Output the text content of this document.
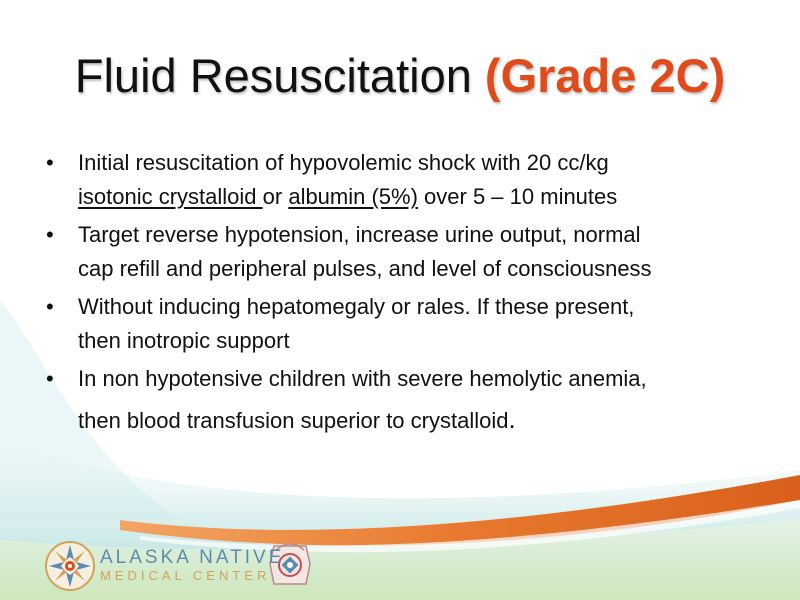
Fluid Resuscitation (Grade 2C)
• Initial resuscitation of hypovolemic shock with 20 cc/kg
isotonic crystalloid or albumin (5%) over 5 – 10 minutes
• Target reverse hypotension, increase urine output, normal
cap refill and peripheral pulses, and level of consciousness
• Without inducing hepatomegaly or rales. If these present,
then inotropic support
• In non hypotensive children with severe hemolytic anemia,
then blood transfusion superior to crystalloid.
ALASKA NATIVE
MEDICAL CENTER
